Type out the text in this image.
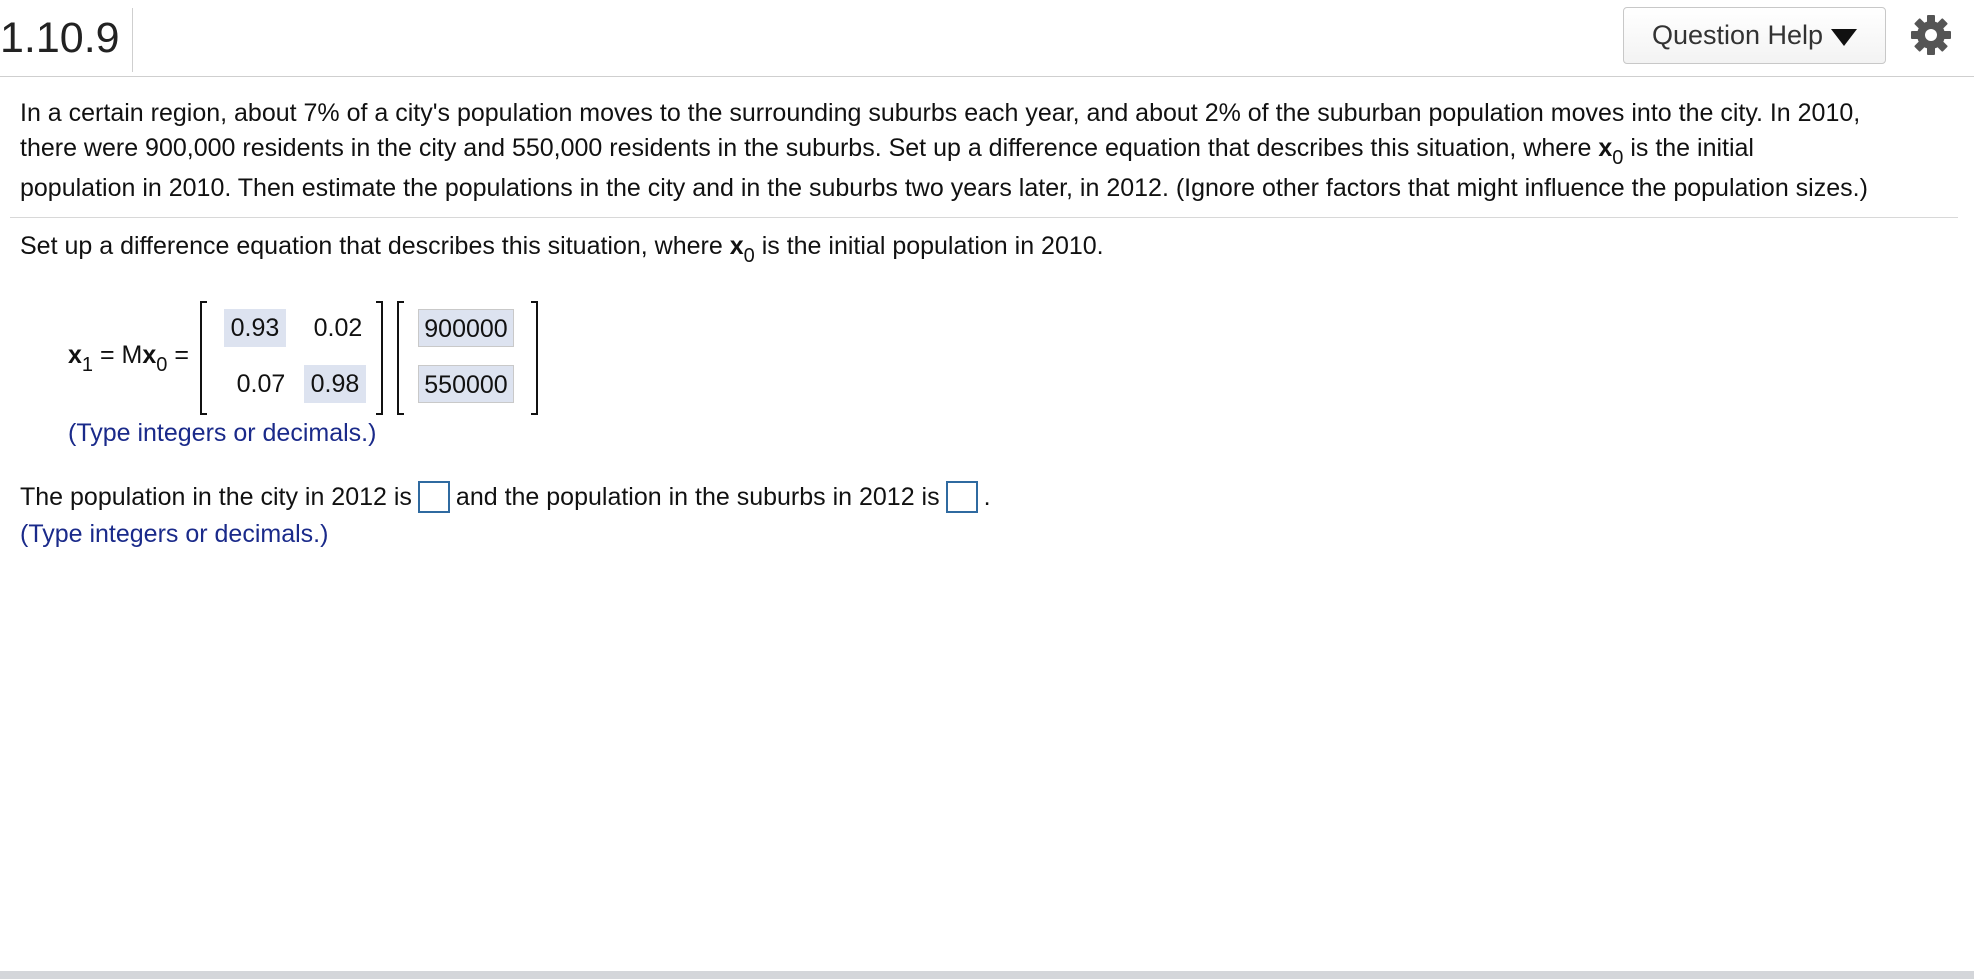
1.10.9	Question Help
In a certain region, about 7% of a city's population moves to the surrounding suburbs each year, and about 2% of the suburban population moves into the city. In 2010,
there were 900,000 residents in the city and 550,000 residents in the suburbs. Set up a difference equation that describes this situation, where $x_0$ is the initial
population in 2010. Then estimate the populations in the city and in the suburbs two years later, in 2012. (Ignore other factors that might influence the population sizes.)
Set up a difference equation that describes this situation, where $x_0$ is the initial population in 2010.
$x_1 = Mx_0$ =
0.93 0.02
0.07 0.98
900000
550000
(Type integers or decimals.)
The population in the city in 2012 is and the population in the suburbs in 2012 is .
(Type integers or decimals.)
